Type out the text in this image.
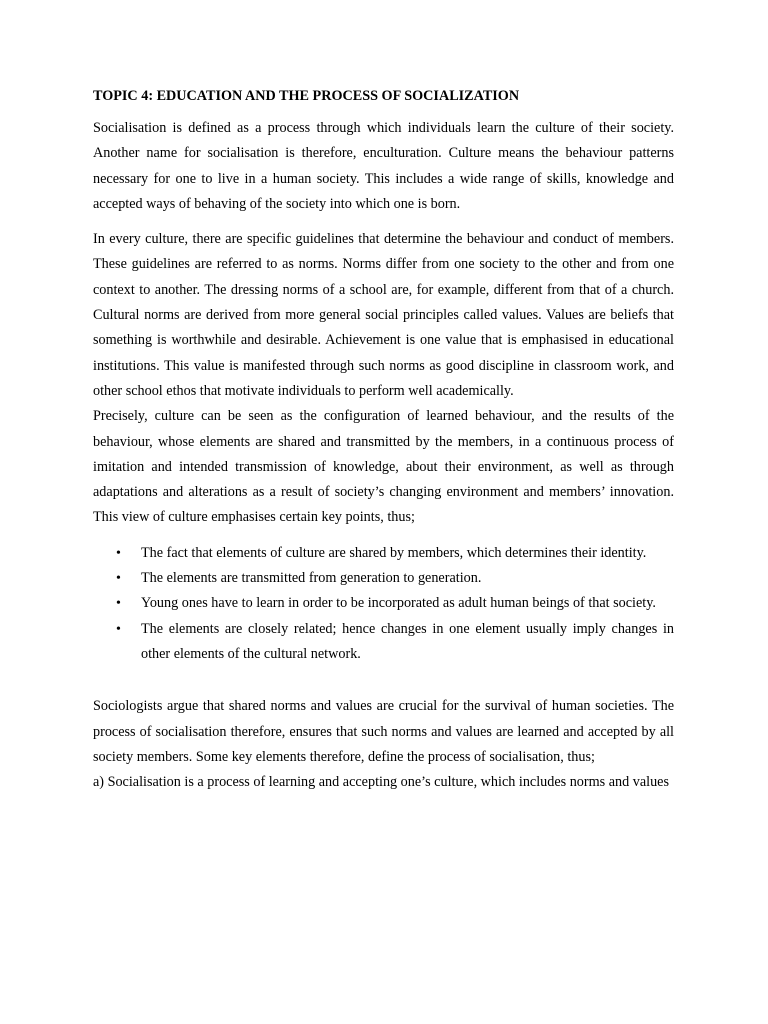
TOPIC 4: EDUCATION AND THE PROCESS OF SOCIALIZATION

Socialisation is defined as a process through which individuals learn the culture of their society. Another name for socialisation is therefore, enculturation. Culture means the behaviour patterns necessary for one to live in a human society. This includes a wide range of skills, knowledge and accepted ways of behaving of the society into which one is born.

In every culture, there are specific guidelines that determine the behaviour and conduct of members. These guidelines are referred to as norms. Norms differ from one society to the other and from one context to another. The dressing norms of a school are, for example, different from that of a church. Cultural norms are derived from more general social principles called values. Values are beliefs that something is worthwhile and desirable. Achievement is one value that is emphasised in educational institutions. This value is manifested through such norms as good discipline in classroom work, and other school ethos that motivate individuals to perform well academically.

Precisely, culture can be seen as the configuration of learned behaviour, and the results of the behaviour, whose elements are shared and transmitted by the members, in a continuous process of imitation and intended transmission of knowledge, about their environment, as well as through adaptations and alterations as a result of society’s changing environment and members’ innovation. This view of culture emphasises certain key points, thus;

• The fact that elements of culture are shared by members, which determines their identity.
• The elements are transmitted from generation to generation.
• Young ones have to learn in order to be incorporated as adult human beings of that society.
• The elements are closely related; hence changes in one element usually imply changes in other elements of the cultural network.

Sociologists argue that shared norms and values are crucial for the survival of human societies. The process of socialisation therefore, ensures that such norms and values are learned and accepted by all society members. Some key elements therefore, define the process of socialisation, thus;

a) Socialisation is a process of learning and accepting one’s culture, which includes norms and values
